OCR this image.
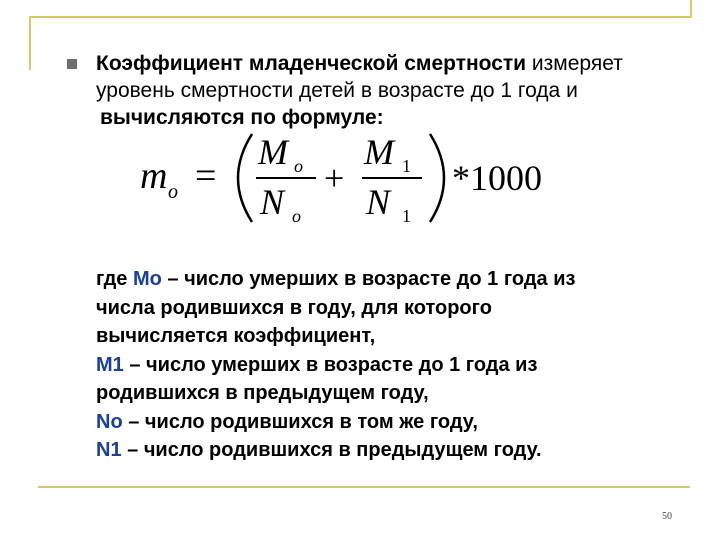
Коэффициент младенческой смертности измеряет
уровень смертности детей в возрасте до 1 года и
вычисляются по формуле:
m o =
M o
N o
+
M 1
N 1
*1000
где Mo – число умерших в возрасте до 1 года из
числа родившихся в году, для которого
вычисляется коэффициент,
M1 – число умерших в возрасте до 1 года из
родившихся в предыдущем году,
No – число родившихся в том же году,
N1 – число родившихся в предыдущем году.
50
